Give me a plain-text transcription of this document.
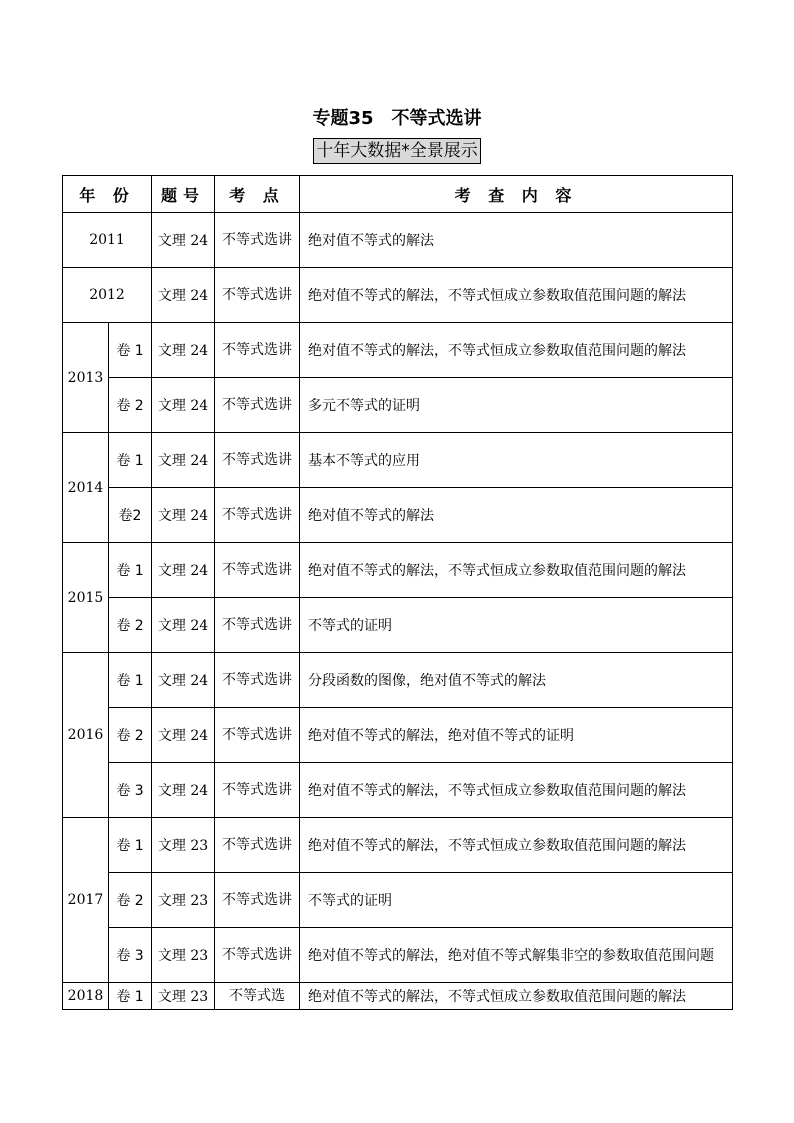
专题35　不等式选讲
十年大数据*全景展示
年 份		题号	考 点	考 查 内 容
2011		文理 24	不等式选讲	绝对值不等式的解法
2012		文理 24	不等式选讲	绝对值不等式的解法，不等式恒成立参数取值范围问题的解法
2013	卷 1	文理 24	不等式选讲	绝对值不等式的解法，不等式恒成立参数取值范围问题的解法
	卷 2	文理 24	不等式选讲	多元不等式的证明
2014	卷 1	文理 24	不等式选讲	基本不等式的应用
	卷2	文理 24	不等式选讲	绝对值不等式的解法
2015	卷 1	文理 24	不等式选讲	绝对值不等式的解法，不等式恒成立参数取值范围问题的解法
	卷 2	文理 24	不等式选讲	不等式的证明
2016	卷 1	文理 24	不等式选讲	分段函数的图像，绝对值不等式的解法
	卷 2	文理 24	不等式选讲	绝对值不等式的解法，绝对值不等式的证明
	卷 3	文理 24	不等式选讲	绝对值不等式的解法，不等式恒成立参数取值范围问题的解法
2017	卷 1	文理 23	不等式选讲	绝对值不等式的解法，不等式恒成立参数取值范围问题的解法
	卷 2	文理 23	不等式选讲	不等式的证明
	卷 3	文理 23	不等式选讲	绝对值不等式的解法，绝对值不等式解集非空的参数取值范围问题
2018	卷 1	文理 23	不等式选	绝对值不等式的解法，不等式恒成立参数取值范围问题的解法
